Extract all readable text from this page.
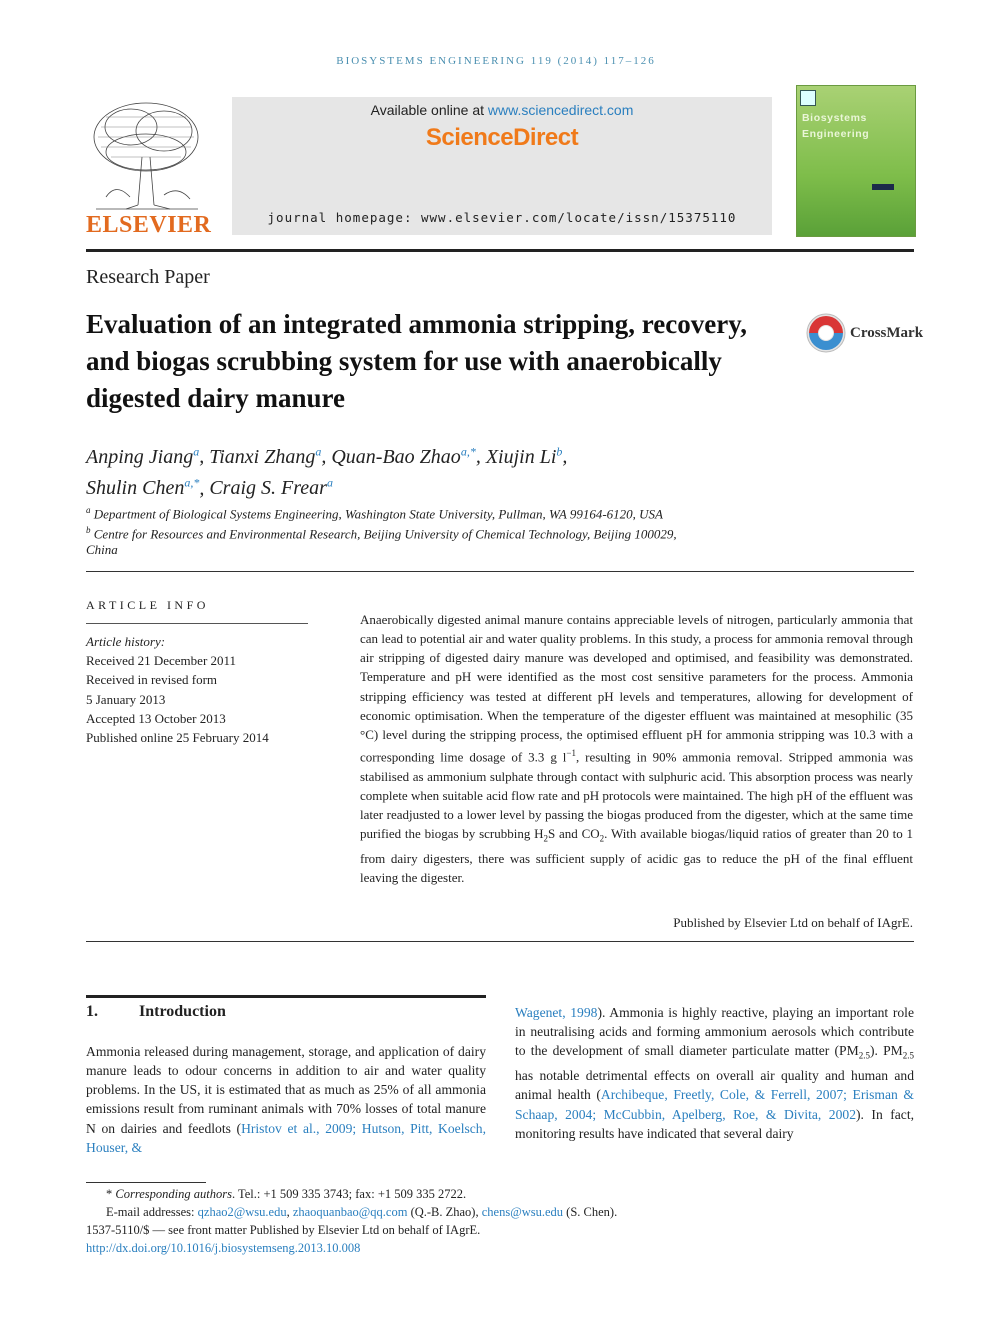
BIOSYSTEMS ENGINEERING 119 (2014) 117–126
ELSEVIER
Available online at www.sciencedirect.com
ScienceDirect
journal homepage: www.elsevier.com/locate/issn/15375110
Biosystems
Engineering
Research Paper
Evaluation of an integrated ammonia stripping, recovery, and biogas scrubbing system for use with anaerobically digested dairy manure
CrossMark
Anping Jiang$^a$, Tianxi Zhang$^a$, Quan-Bao Zhao$^{a,*}$, Xiujin Li$^b$,
Shulin Chen$^{a,*}$, Craig S. Frear$^a$
$^a$ Department of Biological Systems Engineering, Washington State University, Pullman, WA 99164-6120, USA
$^b$ Centre for Resources and Environmental Research, Beijing University of Chemical Technology, Beijing 100029,
China
ARTICLE INFO
Article history:
Received 21 December 2011
Received in revised form
5 January 2013
Accepted 13 October 2013
Published online 25 February 2014
Anaerobically digested animal manure contains appreciable levels of nitrogen, particularly ammonia that can lead to potential air and water quality problems. In this study, a process for ammonia removal through air stripping of digested dairy manure was developed and optimised, and feasibility was demonstrated. Temperature and pH were identified as the most cost sensitive parameters for the process. Ammonia stripping efficiency was tested at different pH levels and temperatures, allowing for development of economic optimisation. When the temperature of the digester effluent was maintained at mesophilic (35 °C) level during the stripping process, the optimised effluent pH for ammonia stripping was 10.3 with a corresponding lime dosage of 3.3 g $l^{-1}$, resulting in 90% ammonia removal. Stripped ammonia was stabilised as ammonium sulphate through contact with sulphuric acid. This absorption process was nearly complete when suitable acid flow rate and pH protocols were maintained. The high pH of the effluent was later readjusted to a lower level by passing the biogas produced from the digester, which at the same time purified the biogas by scrubbing $H_2S$ and $CO_2$. With available biogas/liquid ratios of greater than 20 to 1 from dairy digesters, there was sufficient supply of acidic gas to reduce the pH of the final effluent leaving the digester.
Published by Elsevier Ltd on behalf of IAgrE.
1.	Introduction
Ammonia released during management, storage, and application of dairy manure leads to odour concerns in addition to air and water quality problems. In the US, it is estimated that as much as 25% of all ammonia emissions result from ruminant animals with 70% losses of total manure N on dairies and feedlots (Hristov et al., 2009; Hutson, Pitt, Koelsch, Houser, &
Wagenet, 1998). Ammonia is highly reactive, playing an important role in neutralising acids and forming ammonium aerosols which contribute to the development of small diameter particulate matter $(PM_{2.5})$. $PM_{2.5}$ has notable detrimental effects on overall air quality and human and animal health (Archibeque, Freetly, Cole, & Ferrell, 2007; Erisman & Schaap, 2004; McCubbin, Apelberg, Roe, & Divita, 2002). In fact, monitoring results have indicated that several dairy
* Corresponding authors. Tel.: +1 509 335 3743; fax: +1 509 335 2722.
E-mail addresses: qzhao2@wsu.edu, zhaoquanbao@qq.com (Q.-B. Zhao), chens@wsu.edu (S. Chen).
1537-5110/$ — see front matter Published by Elsevier Ltd on behalf of IAgrE.
http://dx.doi.org/10.1016/j.biosystemseng.2013.10.008
